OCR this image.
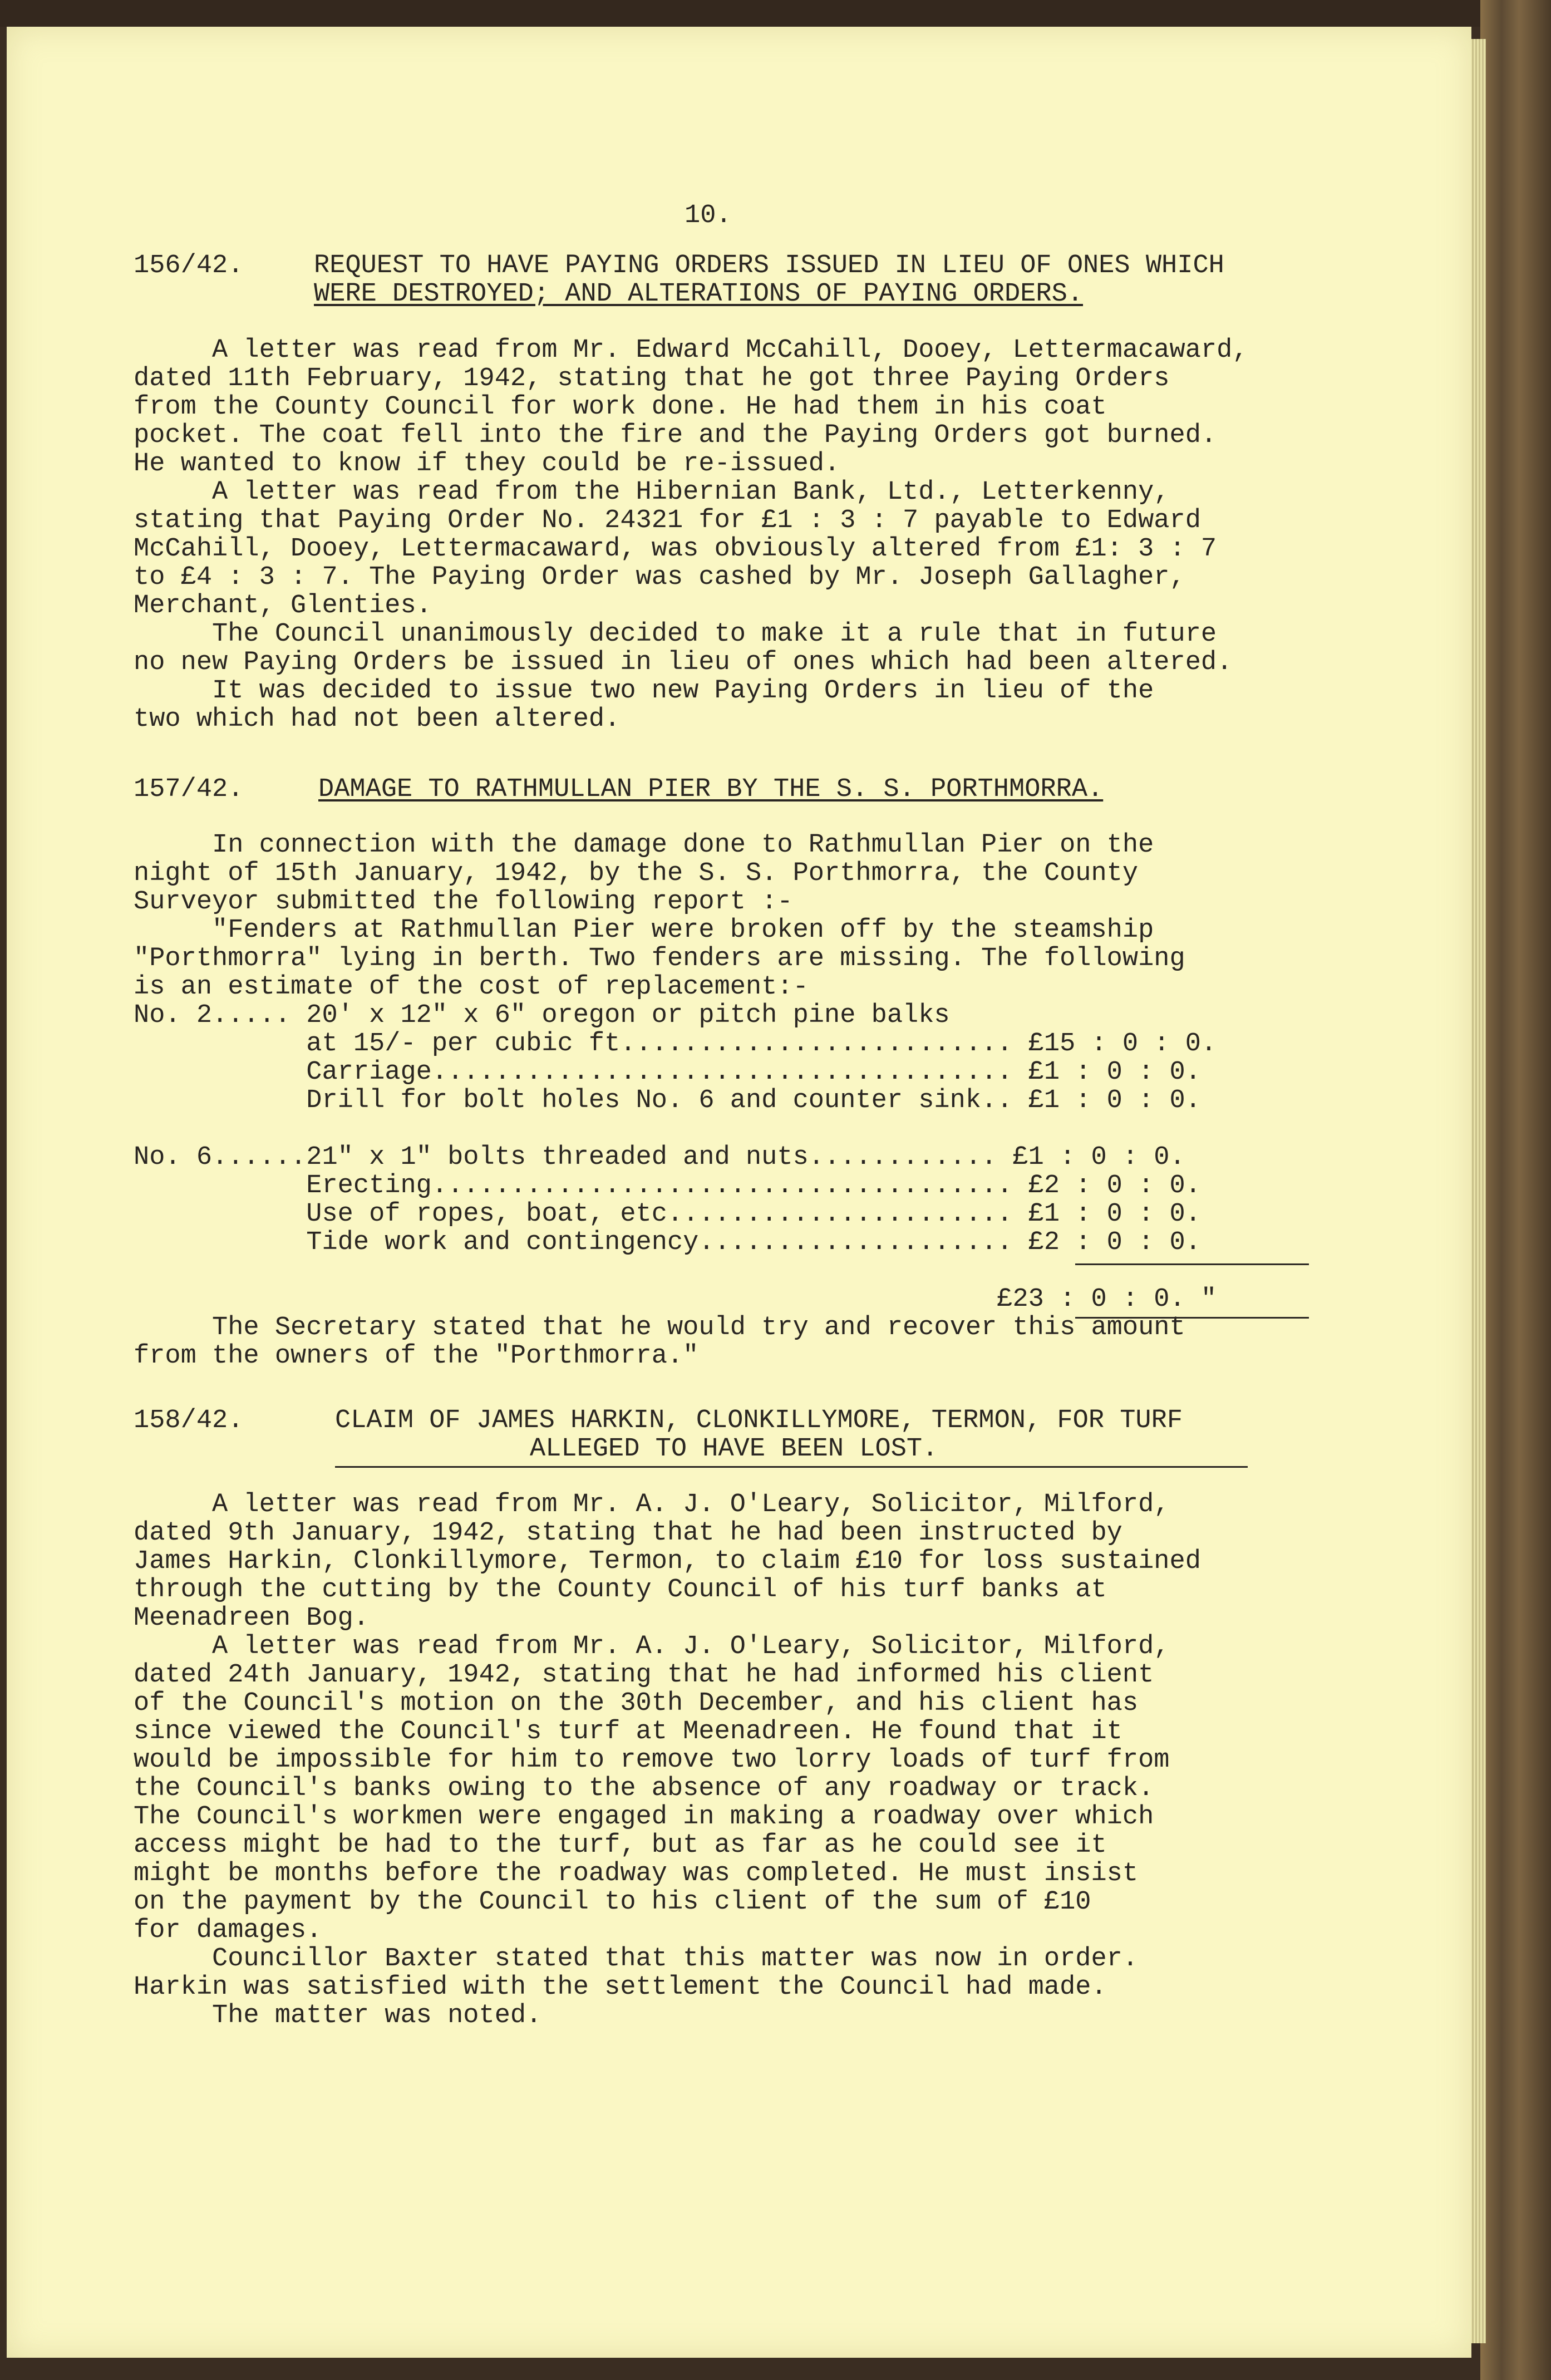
10.

156/42.

	REQUEST TO HAVE PAYING ORDERS ISSUED IN LIEU OF ONES WHICH

WERE DESTROYED; AND ALTERATIONS OF PAYING ORDERS.

A letter was read from Mr. Edward McCahill, Dooey, Lettermacaward,

dated 11th February, 1942, stating that he got three Paying Orders

from the County Council for work done. He had them in his coat

pocket. The coat fell into the fire and the Paying Orders got burned.

He wanted to know if they could be re-issued.

A letter was read from the Hibernian Bank, Ltd., Letterkenny,

stating that Paying Order No. 24321 for £1 : 3 : 7 payable to Edward

McCahill, Dooey, Lettermacaward, was obviously altered from £1: 3 : 7

to £4 : 3 : 7. The Paying Order was cashed by Mr. Joseph Gallagher,

Merchant, Glenties.

The Council unanimously decided to make it a rule that in future

no new Paying Orders be issued in lieu of ones which had been altered.

It was decided to issue two new Paying Orders in lieu of the

two which had not been altered.

157/42.

	DAMAGE TO RATHMULLAN PIER BY THE S. S. PORTHMORRA.

In connection with the damage done to Rathmullan Pier on the

night of 15th January, 1942, by the S. S. Porthmorra, the County

Surveyor submitted the following report :-

"Fenders at Rathmullan Pier were broken off by the steamship

"Porthmorra" lying in berth. Two fenders are missing. The following

is an estimate of the cost of replacement:-

No. 2..... 20' x 12" x 6" oregon or pitch pine balks

at 15/- per cubic ft......................... £15 : 0 : 0.

Carriage..................................... £1 : 0 : 0.

Drill for bolt holes No. 6 and counter sink.. £1 : 0 : 0.

No. 6......21" x 1" bolts threaded and nuts............ £1 : 0 : 0.

Erecting..................................... £2 : 0 : 0.

Use of ropes, boat, etc...................... £1 : 0 : 0.

Tide work and contingency.................... £2 : 0 : 0.

£23 : 0 : 0. "

The Secretary stated that he would try and recover this amount

from the owners of the "Porthmorra."

158/42.

	CLAIM OF JAMES HARKIN, CLONKILLYMORE, TERMON, FOR TURF

ALLEGED TO HAVE BEEN LOST.

A letter was read from Mr. A. J. O'Leary, Solicitor, Milford,

dated 9th January, 1942, stating that he had been instructed by

James Harkin, Clonkillymore, Termon, to claim £10 for loss sustained

through the cutting by the County Council of his turf banks at

Meenadreen Bog.

A letter was read from Mr. A. J. O'Leary, Solicitor, Milford,

dated 24th January, 1942, stating that he had informed his client

of the Council's motion on the 30th December, and his client has

since viewed the Council's turf at Meenadreen. He found that it

would be impossible for him to remove two lorry loads of turf from

the Council's banks owing to the absence of any roadway or track.

The Council's workmen were engaged in making a roadway over which

access might be had to the turf, but as far as he could see it

might be months before the roadway was completed. He must insist

on the payment by the Council to his client of the sum of £10

for damages.

Councillor Baxter stated that this matter was now in order.

Harkin was satisfied with the settlement the Council had made.

The matter was noted.
